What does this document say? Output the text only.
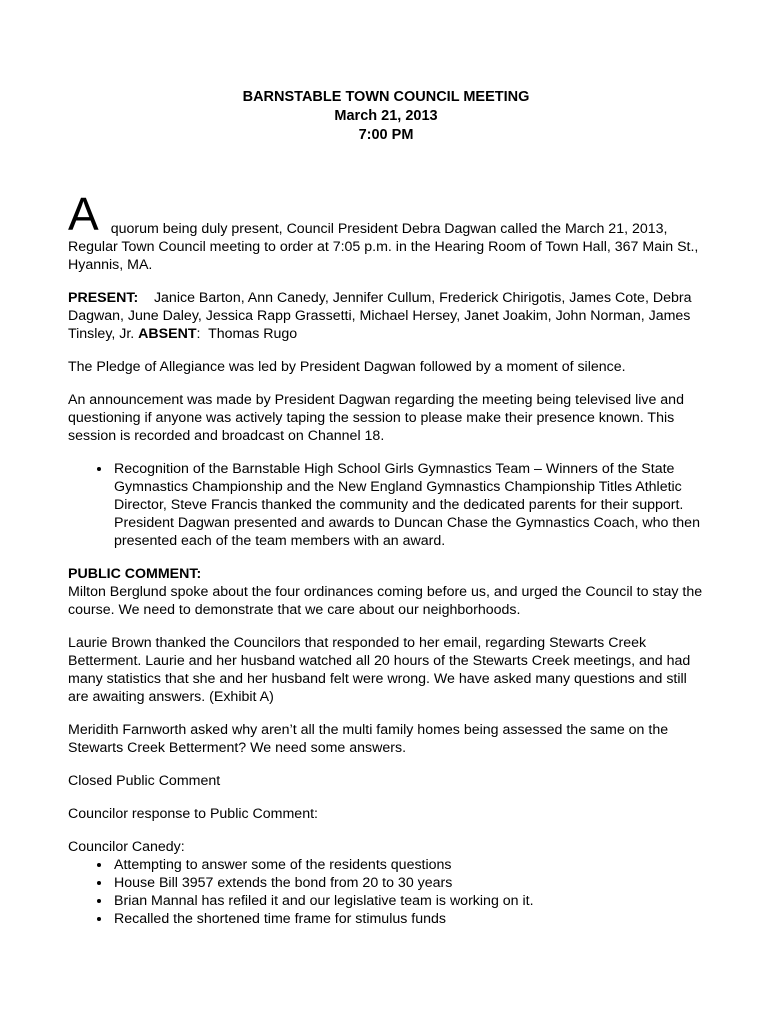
BARNSTABLE TOWN COUNCIL MEETING
March 21, 2013
7:00 PM

A quorum being duly present, Council President Debra Dagwan called the March 21, 2013,
Regular Town Council meeting to order at 7:05 p.m. in the Hearing Room of Town Hall, 367 Main St., Hyannis, MA.

PRESENT: Janice Barton, Ann Canedy, Jennifer Cullum, Frederick Chirigotis, James Cote, Debra Dagwan, June Daley, Jessica Rapp Grassetti, Michael Hersey, Janet Joakim, John Norman, James Tinsley, Jr. ABSENT:  Thomas Rugo

The Pledge of Allegiance was led by President Dagwan followed by a moment of silence.

An announcement was made by President Dagwan regarding the meeting being televised live and questioning if anyone was actively taping the session to please make their presence known. This session is recorded and broadcast on Channel 18.

• Recognition of the Barnstable High School Girls Gymnastics Team – Winners of the State Gymnastics Championship and the New England Gymnastics Championship Titles Athletic Director, Steve Francis thanked the community and the dedicated parents for their support. President Dagwan presented and awards to Duncan Chase the Gymnastics Coach, who then presented each of the team members with an award.

PUBLIC COMMENT:

Milton Berglund spoke about the four ordinances coming before us, and urged the Council to stay the course. We need to demonstrate that we care about our neighborhoods.

Laurie Brown thanked the Councilors that responded to her email, regarding Stewarts Creek Betterment. Laurie and her husband watched all 20 hours of the Stewarts Creek meetings, and had many statistics that she and her husband felt were wrong. We have asked many questions and still are awaiting answers. (Exhibit A)

Meridith Farnworth asked why aren’t all the multi family homes being assessed the same on the Stewarts Creek Betterment? We need some answers.

Closed Public Comment

Councilor response to Public Comment:

Councilor Canedy:

• Attempting to answer some of the residents questions
• House Bill 3957 extends the bond from 20 to 30 years
• Brian Mannal has refiled it and our legislative team is working on it.
• Recalled the shortened time frame for stimulus funds
